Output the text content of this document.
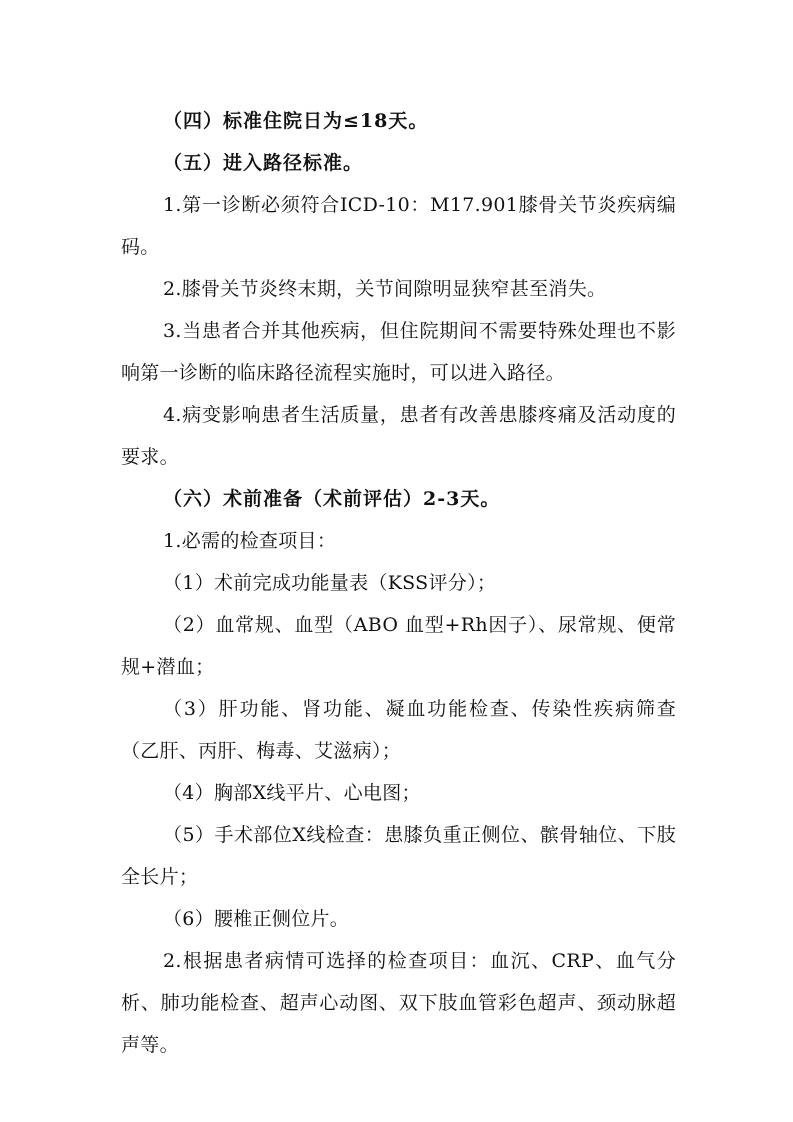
（四）标准住院日为≤18天。

（五）进入路径标准。

1.第一诊断必须符合ICD-10：M17.901膝骨关节炎疾病编码。

2.膝骨关节炎终末期，关节间隙明显狭窄甚至消失。

3.当患者合并其他疾病，但住院期间不需要特殊处理也不影响第一诊断的临床路径流程实施时，可以进入路径。

4.病变影响患者生活质量，患者有改善患膝疼痛及活动度的要求。

（六）术前准备（术前评估）2-3天。

1.必需的检查项目：

（1）术前完成功能量表（KSS评分）；

（2）血常规、血型（ABO 血型+Rh因子）、尿常规、便常规+潜血；

（3）肝功能、肾功能、凝血功能检查、传染性疾病筛查（乙肝、丙肝、梅毒、艾滋病）；

（4）胸部X线平片、心电图；

（5）手术部位X线检查：患膝负重正侧位、髌骨轴位、下肢全长片；

（6）腰椎正侧位片。

2.根据患者病情可选择的检查项目：血沉、CRP、血气分析、肺功能检查、超声心动图、双下肢血管彩色超声、颈动脉超声等。
